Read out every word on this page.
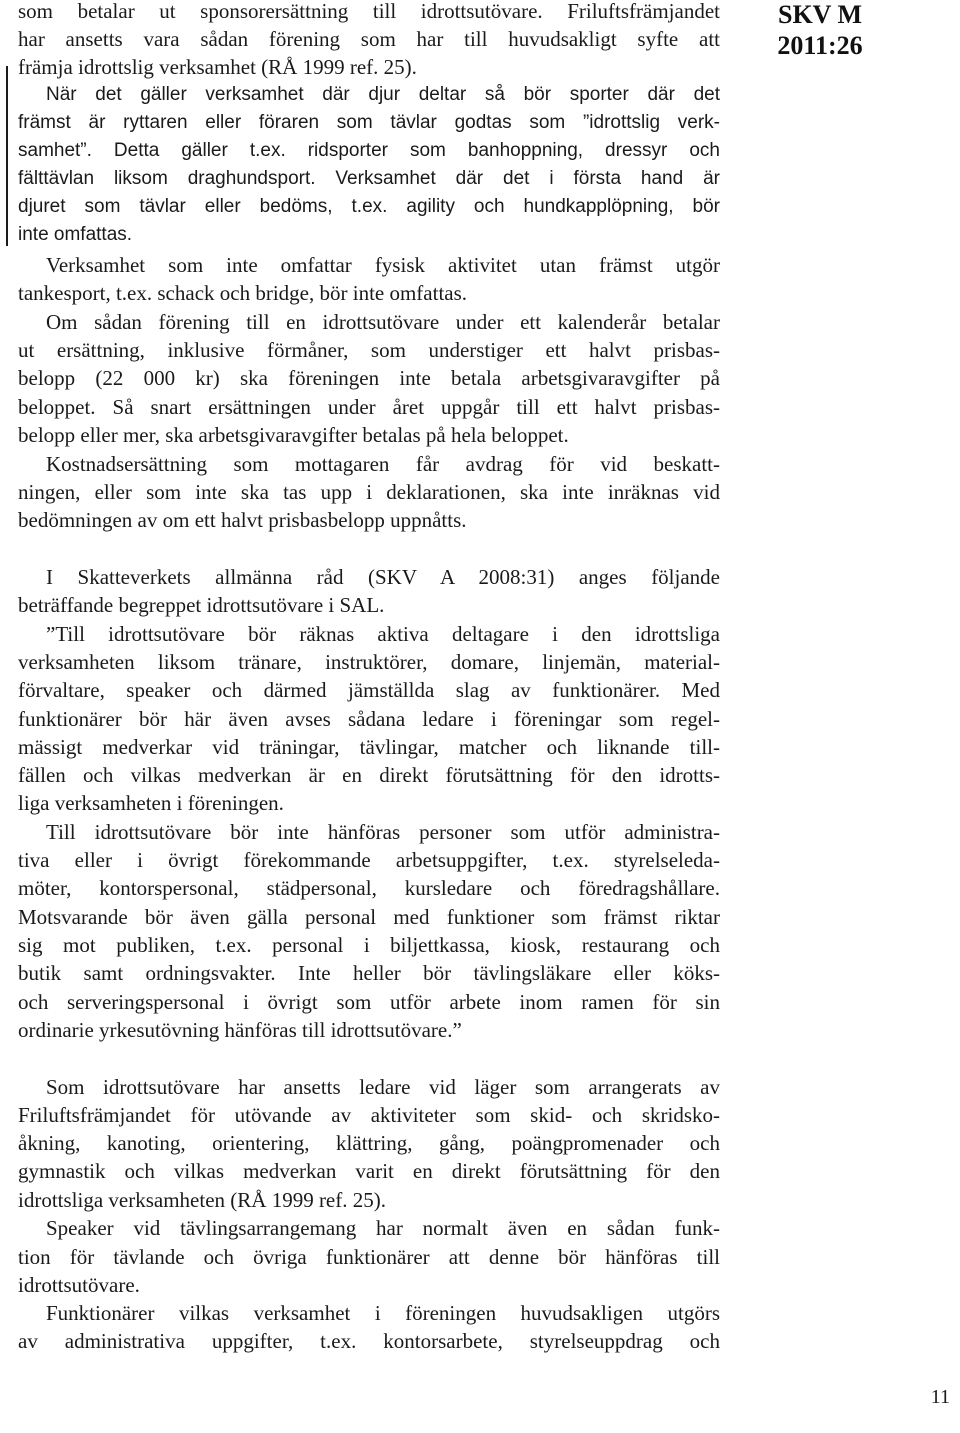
SKV M
2011:26
som betalar ut sponsorersättning till idrottsutövare. Friluftsfrämjandet
har ansetts vara sådan förening som har till huvudsakligt syfte att
främja idrottslig verksamhet (RÅ 1999 ref. 25).
När det gäller verksamhet där djur deltar så bör sporter där det
främst är ryttaren eller föraren som tävlar godtas som ”idrottslig verk-
samhet”. Detta gäller t.ex. ridsporter som banhoppning, dressyr och
fälttävlan liksom draghundsport. Verksamhet där det i första hand är
djuret som tävlar eller bedöms, t.ex. agility och hundkapplöpning, bör
inte omfattas.
Verksamhet som inte omfattar fysisk aktivitet utan främst utgör
tankesport, t.ex. schack och bridge, bör inte omfattas.
Om sådan förening till en idrottsutövare under ett kalenderår betalar
ut ersättning, inklusive förmåner, som understiger ett halvt prisbas-
belopp (22 000 kr) ska föreningen inte betala arbetsgivaravgifter på
beloppet. Så snart ersättningen under året uppgår till ett halvt prisbas-
belopp eller mer, ska arbetsgivaravgifter betalas på hela beloppet.
Kostnadsersättning som mottagaren får avdrag för vid beskatt-
ningen, eller som inte ska tas upp i deklarationen, ska inte inräknas vid
bedömningen av om ett halvt prisbasbelopp uppnåtts.
I Skatteverkets allmänna råd (SKV A 2008:31) anges följande
beträffande begreppet idrottsutövare i SAL.
”Till idrottsutövare bör räknas aktiva deltagare i den idrottsliga
verksamheten liksom tränare, instruktörer, domare, linjemän, material-
förvaltare, speaker och därmed jämställda slag av funktionärer. Med
funktionärer bör här även avses sådana ledare i föreningar som regel-
mässigt medverkar vid träningar, tävlingar, matcher och liknande till-
fällen och vilkas medverkan är en direkt förutsättning för den idrotts-
liga verksamheten i föreningen.
Till idrottsutövare bör inte hänföras personer som utför administra-
tiva eller i övrigt förekommande arbetsuppgifter, t.ex. styrelseleda-
möter, kontorspersonal, städpersonal, kursledare och föredragshållare.
Motsvarande bör även gälla personal med funktioner som främst riktar
sig mot publiken, t.ex. personal i biljettkassa, kiosk, restaurang och
butik samt ordningsvakter. Inte heller bör tävlingsläkare eller köks-
och serveringspersonal i övrigt som utför arbete inom ramen för sin
ordinarie yrkesutövning hänföras till idrottsutövare.”
Som idrottsutövare har ansetts ledare vid läger som arrangerats av
Friluftsfrämjandet för utövande av aktiviteter som skid- och skridsko-
åkning, kanoting, orientering, klättring, gång, poängpromenader och
gymnastik och vilkas medverkan varit en direkt förutsättning för den
idrottsliga verksamheten (RÅ 1999 ref. 25).
Speaker vid tävlingsarrangemang har normalt även en sådan funk-
tion för tävlande och övriga funktionärer att denne bör hänföras till
idrottsutövare.
Funktionärer vilkas verksamhet i föreningen huvudsakligen utgörs
av administrativa uppgifter, t.ex. kontorsarbete, styrelseuppdrag och
11
